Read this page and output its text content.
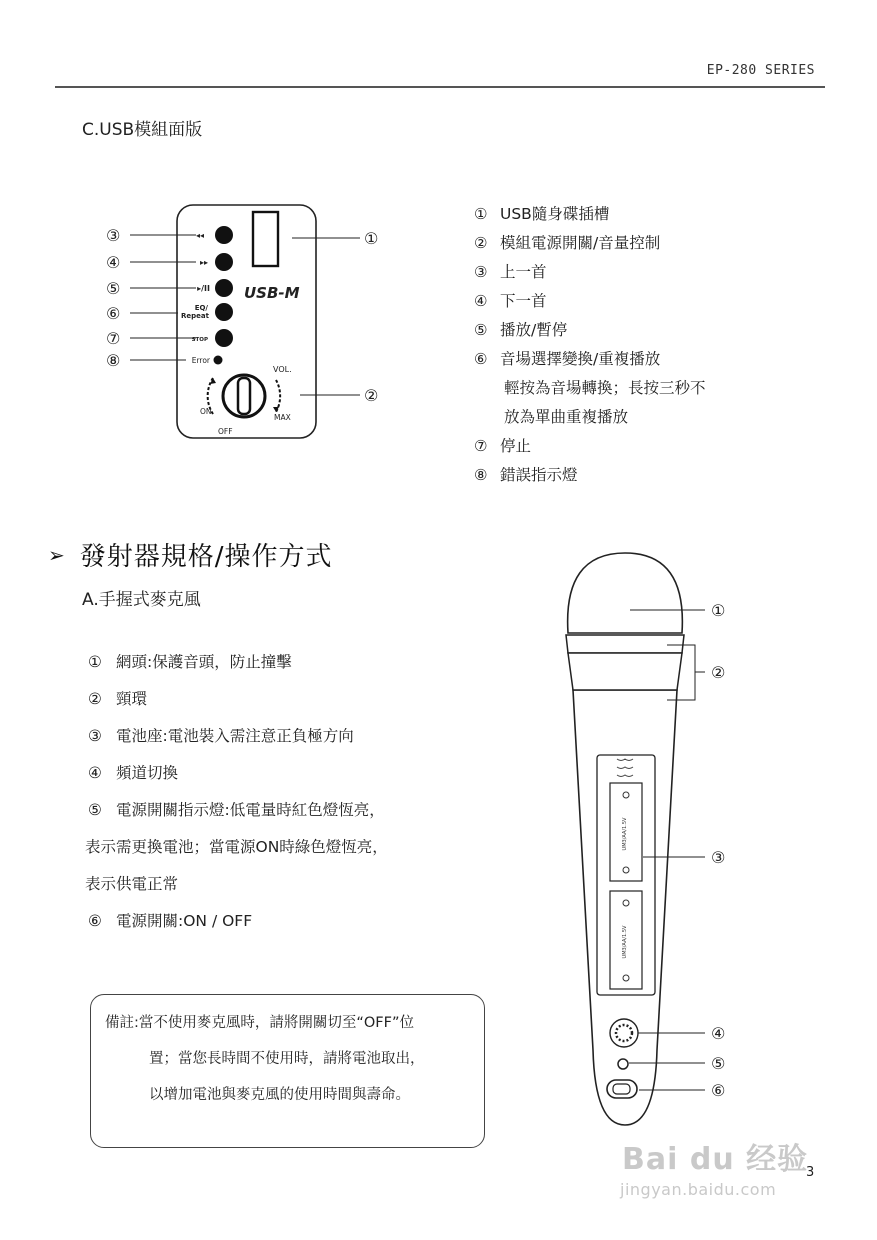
EP-280 SERIES
C.USB模組面版
USB-M
◂◂
▸▸
▸/II
EQ/
Repeat
STOP
Error
VOL.
ON
OFF
MAX
③
④
⑤
⑥
⑦
⑧
①
②
① USB隨身碟插槽
② 模組電源開關/音量控制
③ 上一首
④ 下一首
⑤ 播放/暫停
⑥ 音場選擇變換/重複播放
輕按為音場轉換；長按三秒不
放為單曲重複播放
⑦ 停止
⑧ 錯誤指示燈
➢ 發射器規格/操作方式
A.手握式麥克風
① 網頭:保護音頭，防止撞擊
② 頸環
③ 電池座:電池裝入需注意正負極方向
④ 頻道切換
⑤ 電源開關指示燈:低電量時紅色燈恆亮，
表示需更換電池；當電源ON時綠色燈恆亮，
表示供電正常
⑥ 電源開關:ON / OFF
UM3/AA/1.5V
UM3/AA/1.5V
①
②
③
④
⑤
⑥
備註:當不使用麥克風時，請將開關切至“OFF”位
置；當您長時間不使用時，請將電池取出，
以增加電池與麥克風的使用時間與壽命。
Bai du 经验
jingyan.baidu.com
3
